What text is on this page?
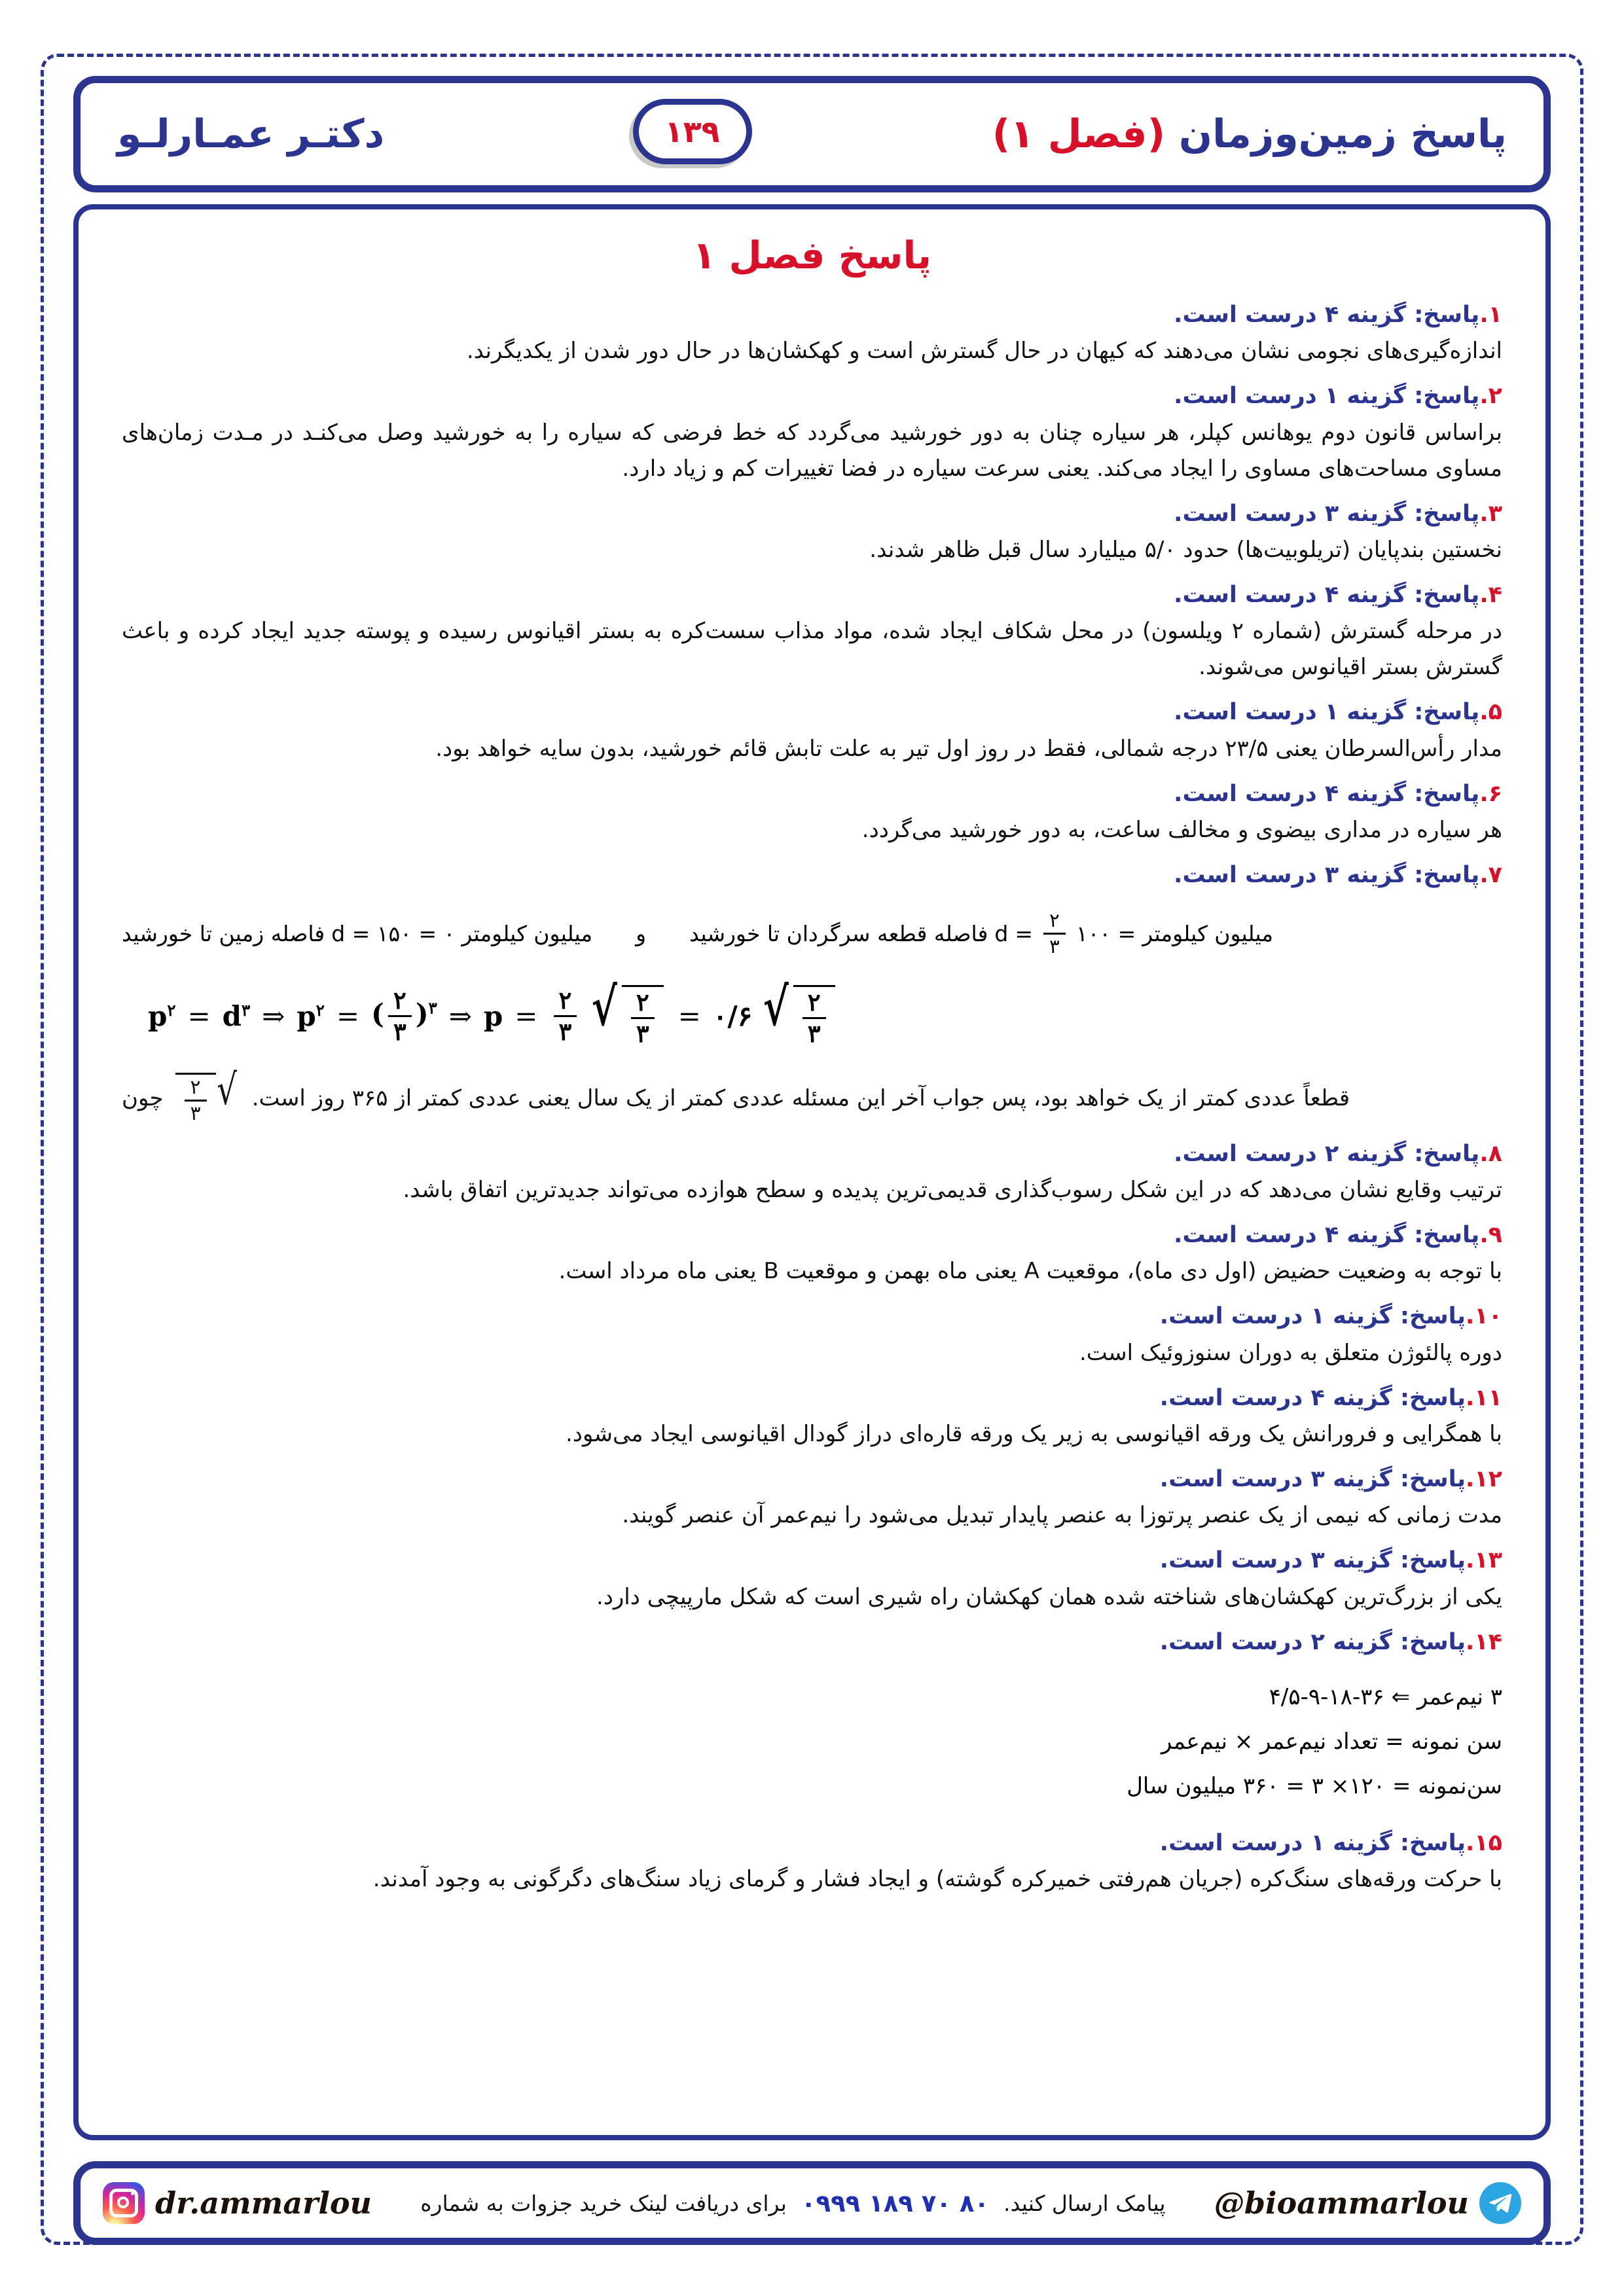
پاسخ زمین‌وزمان (فصل ۱)
۱۳۹
دکتـر عمـارلـو
پاسخ فصل ۱
۱.پاسخ: گزینه ۴ درست است.
اندازه‌گیری‌های نجومی نشان می‌دهند که کیهان در حال گسترش است و کهکشان‌ها در حال دور شدن از یکدیگرند.
۲.پاسخ: گزینه ۱ درست است.
براساس قانون دوم یوهانس کپلر، هر سیاره چنان به دور خورشید می‌گردد که خط فرضی که سیاره را به خورشید وصل می‌کنـد در مـدت زمان‌های مساوی مساحت‌های مساوی را ایجاد می‌کند. یعنی سرعت سیاره در فضا تغییرات کم و زیاد دارد.
۳.پاسخ: گزینه ۳ درست است.
نخستین بندپایان (تریلوبیت‌ها) حدود ۵/۰ میلیارد سال قبل ظاهر شدند.
۴.پاسخ: گزینه ۴ درست است.
در مرحله گسترش (شماره ۲ ویلسون) در محل شکاف ایجاد شده، مواد مذاب سست‌کره به بستر اقیانوس رسیده و پوسته جدید ایجاد کرده و باعث گسترش بستر اقیانوس می‌شوند.
۵.پاسخ: گزینه ۱ درست است.
مدار رأس‌السرطان یعنی ۲۳/۵ درجه شمالی، فقط در روز اول تیر به علت تابش قائم خورشید، بدون سایه خواهد بود.
۶.پاسخ: گزینه ۴ درست است.
هر سیاره در مداری بیضوی و مخالف ساعت، به دور خورشید می‌گردد.
۷.پاسخ: گزینه ۳ درست است.
فاصله زمین تا خورشید ۰ = d = ۱۵۰ میلیون کیلومتر	و	فاصله قطعه سرگردان تا خورشید $d = \frac{۲}{۳}$ = ۱۰۰ میلیون کیلومتر
$p^۲ = d^۳$ ⇒ $p^۲$ = ( $\frac{۲}{۳} )^۳$ ⇒ $p = \frac{۲}{۳}$ √ $\frac{۲}{۳}$ = ۰/۶ √ $\frac{۲}{۳}$
چون √
$\frac{۲}{۳}$ قطعاً عددی کمتر از یک خواهد بود، پس جواب آخر این مسئله عددی کمتر از یک سال یعنی عددی کمتر از ۳۶۵ روز است.
۸.پاسخ: گزینه ۲ درست است.
ترتیب وقایع نشان می‌دهد که در این شکل رسوب‌گذاری قدیمی‌ترین پدیده و سطح هوازده می‌تواند جدیدترین اتفاق باشد.
۹.پاسخ: گزینه ۴ درست است.
با توجه به وضعیت حضیض (اول دی ماه)، موقعیت A یعنی ماه بهمن و موقعیت B یعنی ماه مرداد است.
۱۰.پاسخ: گزینه ۱ درست است.
دوره پالئوژن متعلق به دوران سنوزوئیک است.
۱۱.پاسخ: گزینه ۴ درست است.
با همگرایی و فرورانش یک ورقه اقیانوسی به زیر یک ورقه قاره‌ای دراز گودال اقیانوسی ایجاد می‌شود.
۱۲.پاسخ: گزینه ۳ درست است.
مدت زمانی که نیمی از یک عنصر پرتوزا به عنصر پایدار تبدیل می‌شود را نیم‌عمر آن عنصر گویند.
۱۳.پاسخ: گزینه ۳ درست است.
یکی از بزرگ‌ترین کهکشان‌های شناخته شده همان کهکشان راه شیری است که شکل مارپیچی دارد.
۱۴.پاسخ: گزینه ۲ درست است.
۳ نیم‌عمر ⇐ ۳۶-۱۸-۹-۴/۵
سن نمونه = تعداد نیم‌عمر × نیم‌عمر
سن‌نمونه = ۱۲۰× ۳ = ۳۶۰ میلیون سال
۱۵.پاسخ: گزینه ۱ درست است.
با حرکت ورقه‌های سنگ‌کره (جریان هم‌رفتی خمیرکره گوشته) و ایجاد فشار و گرمای زیاد سنگ‌های دگرگونی به وجود آمدند.
@bioammarlou
برای دریافت لینک خرید جزوات به شماره ۰۹۹۹ ۱۸۹ ۷۰ ۸۰ پیامک ارسال کنید.
dr.ammarlou
